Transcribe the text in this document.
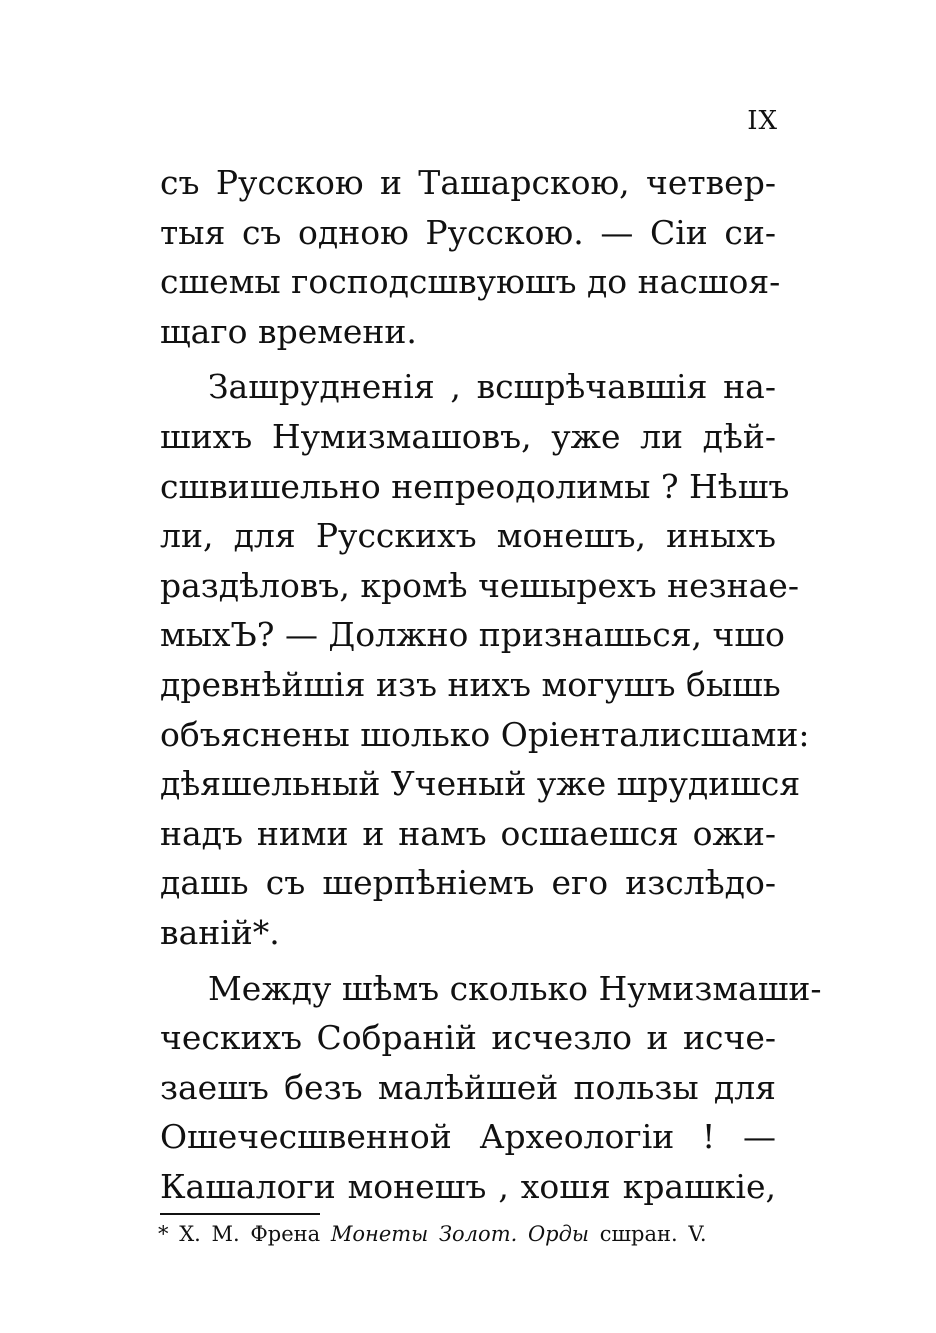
IX
съ Русскою и Ташарскою, четвер-
тыя съ одною Русскою. — Сіи си-
сшемы господсшвуюшъ до насшоя-
щаго времени.
Зашрудненія , всшрѣчавшія на-
шихъ Нумизмашовъ, уже ли дѣй-
сшвишельно непреодолимы ? Нѣшъ
ли, для Русскихъ монешъ, иныхъ
раздѣловъ, кромѣ чешырехъ незнае-
мыхЪ? — Должно признашься, чшо
древнѣйшія изъ нихъ могушъ бышь
объяснены шолько Оріенталисшами:
дѣяшельный Ученый уже шрудишся
надъ ними и намъ осшаешся ожи-
дашь съ шерпѣніемъ его изслѣдо-
ваній*.
Между шѣмъ сколько Нумизмаши-
ческихъ Собраній исчезло и исче-
заешъ безъ малѣйшей пользы для
Ошечесшвенной Археологіи ! —
Кашалоги монешъ , хошя крашкіе,
* Х. М. Френа Монеты Золот. Орды сшран. V.
